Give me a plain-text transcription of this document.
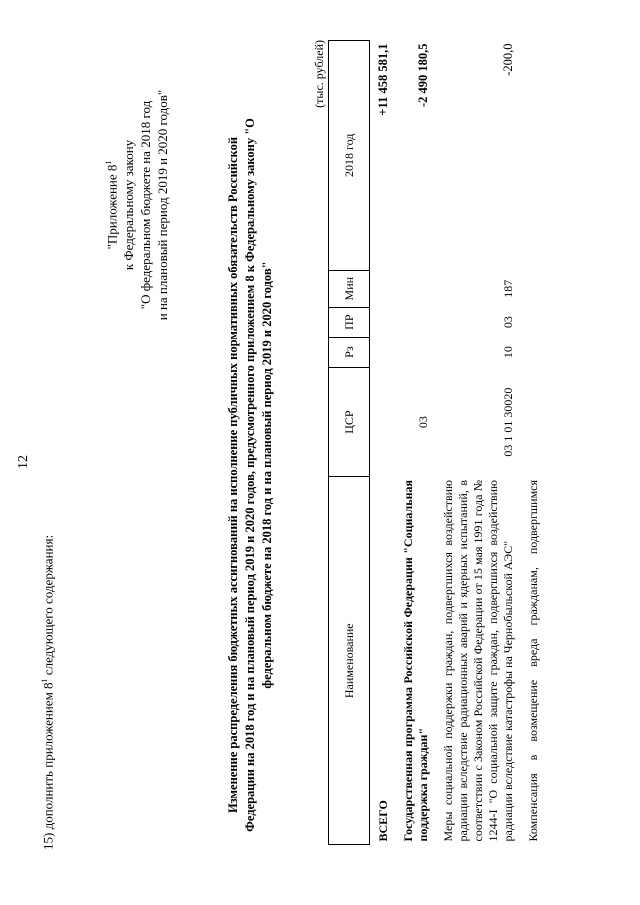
12
15) дополнить приложением $8^1$ следующего содержания:
"Приложение $8^1$ к Федеральному закону "О федеральном бюджете на 2018 год и на плановый период 2019 и 2020 годов"	Изменение распределения бюджетных ассигнований на исполнение публичных нормативных обязательств Российской Федерации на 2018 год и на плановый период 2019 и 2020 годов, предусмотренного приложением 8 к Федеральному закону "О федеральном бюджете на 2018 год и на плановый период 2019 и 2020 годов"
(тыс. рублей)
Наименование	ЦСР	Рз	ПР	Мин	2018 год
ВСЕГО					+11 458 581,1
Государственная программа Российской Федерации "Социальная поддержка граждан"	03				-2 490 180,5
Меры социальной поддержки граждан, подвергшихся воздействию радиации вследствие радиационных аварий и ядерных испытаний, в соответствии с Законом Российской Федерации от 15 мая 1991 года № 1244-I "О социальной защите граждан, подвергшихся воздействию радиации вследствие катастрофы на Чернобыльской АЭС"	03 1 01 30020	10	03	187	-200,0
Компенсация в возмещение вреда гражданам, подвергшимся					
